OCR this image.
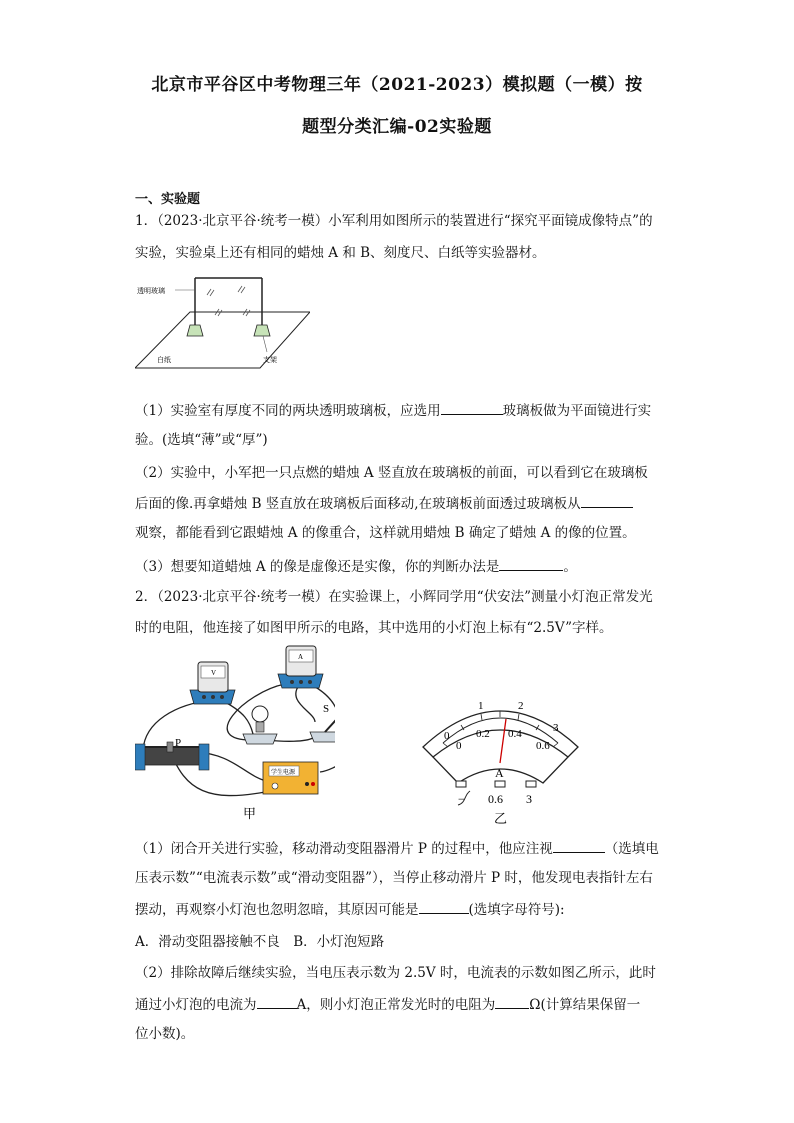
北京市平谷区中考物理三年（2021-2023）模拟题（一模）按
题型分类汇编-02实验题
一、实验题
1．（2023·北京平谷·统考一模）小军利用如图所示的装置进行“探究平面镜成像特点”的
实验，实验桌上还有相同的蜡烛 A 和 B、刻度尺、白纸等实验器材。
透明玻璃
白纸	支架
（1）实验室有厚度不同的两块透明玻璃板，应选用	玻璃板做为平面镜进行实
验。(选填“薄”或“厚”)
（2）实验中，小军把一只点燃的蜡烛 A 竖直放在玻璃板的前面，可以看到它在玻璃板
后面的像.再拿蜡烛 B 竖直放在玻璃板后面移动,在玻璃板前面透过玻璃板从
观察，都能看到它跟蜡烛 A 的像重合，这样就用蜡烛 B 确定了蜡烛 A 的像的位置。
（3）想要知道蜡烛 A 的像是虚像还是实像，你的判断办法是	。
2．（2023·北京平谷·统考一模）在实验课上，小辉同学用“伏安法”测量小灯泡正常发光
时的电阻，他连接了如图甲所示的电路，其中选用的小灯泡上标有“2.5V”字样。
V
A
S
P
学生电源
甲
0
1	2
3
0
0.2 0.4
0.6
A
− 0.6 3
乙
（1）闭合开关进行实验，移动滑动变阻器滑片 P 的过程中，他应注视	（选填电
压表示数”“电流表示数”或“滑动变阻器”），当停止移动滑片 P 时，他发现电表指针左右
摆动，再观察小灯泡也忽明忽暗，其原因可能是	(选填字母符号):
A．滑动变阻器接触不良　B．小灯泡短路
（2）排除故障后继续实验，当电压表示数为 2.5V 时，电流表的示数如图乙所示，此时
通过小灯泡的电流为	A，则小灯泡正常发光时的电阻为	Ω(计算结果保留一
位小数)。
